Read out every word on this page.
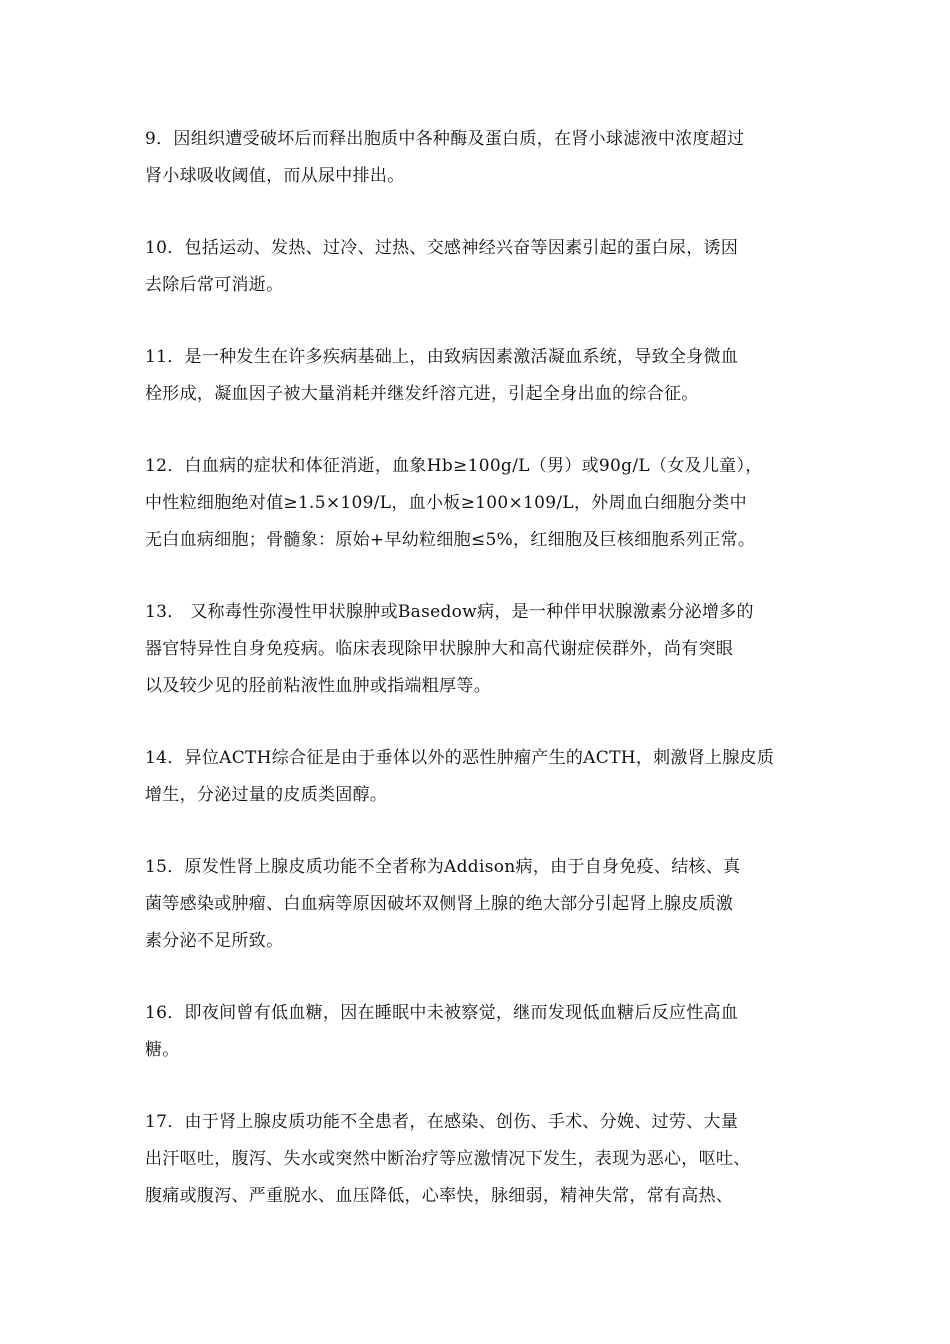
9．因组织遭受破坏后而释出胞质中各种酶及蛋白质，在肾小球滤液中浓度超过
肾小球吸收阈值，而从尿中排出。

10．包括运动、发热、过冷、过热、交感神经兴奋等因素引起的蛋白尿，诱因
去除后常可消逝。

11．是一种发生在许多疾病基础上，由致病因素激活凝血系统，导致全身微血
栓形成，凝血因子被大量消耗并继发纤溶亢进，引起全身出血的综合征。

12．白血病的症状和体征消逝，血象Hb≥100g/L（男）或90g/L（女及儿童），
中性粒细胞绝对值≥1.5×109/L，血小板≥100×109/L，外周血白细胞分类中
无白血病细胞；骨髓象：原始+早幼粒细胞≤5%，红细胞及巨核细胞系列正常。

13． 又称毒性弥漫性甲状腺肿或Basedow病，是一种伴甲状腺激素分泌增多的
器官特异性自身免疫病。临床表现除甲状腺肿大和高代谢症侯群外，尚有突眼
以及较少见的胫前粘液性血肿或指端粗厚等。

14．异位ACTH综合征是由于垂体以外的恶性肿瘤产生的ACTH，刺激肾上腺皮质
增生，分泌过量的皮质类固醇。

15．原发性肾上腺皮质功能不全者称为Addison病，由于自身免疫、结核、真
菌等感染或肿瘤、白血病等原因破坏双侧肾上腺的绝大部分引起肾上腺皮质激
素分泌不足所致。

16．即夜间曾有低血糖，因在睡眠中未被察觉，继而发现低血糖后反应性高血
糖。

17．由于肾上腺皮质功能不全患者，在感染、创伤、手术、分娩、过劳、大量
出汗呕吐，腹泻、失水或突然中断治疗等应激情况下发生，表现为恶心，呕吐、
腹痛或腹泻、严重脱水、血压降低，心率快，脉细弱，精神失常，常有高热、
